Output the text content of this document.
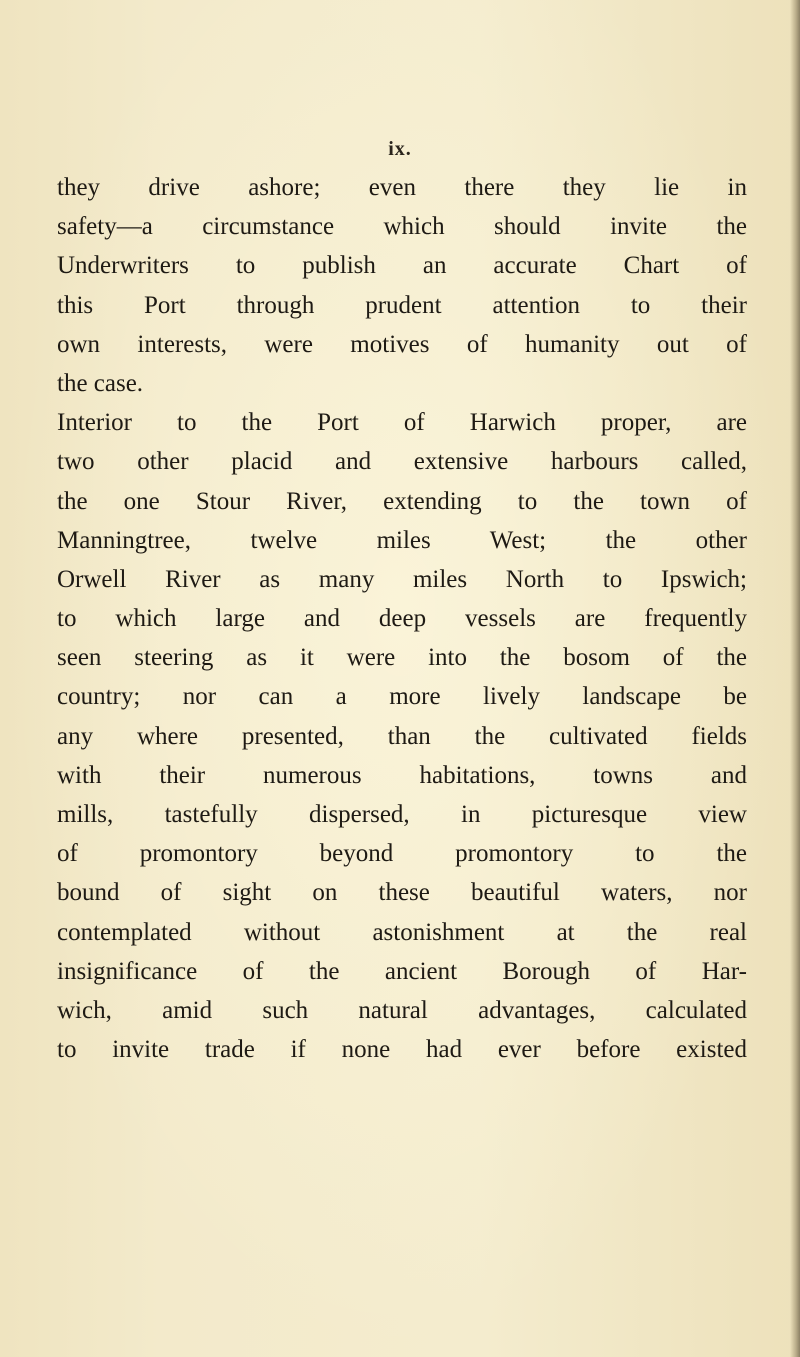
ix.
they drive ashore; even there they lie in
safety—a circumstance which should invite the
Underwriters to publish an accurate Chart of
this Port through prudent attention to their
own interests, were motives of humanity out of
the case.
Interior to the Port of Harwich proper, are
two other placid and extensive harbours called,
the one Stour River, extending to the town of
Manningtree, twelve miles West; the other
Orwell River as many miles North to Ipswich;
to which large and deep vessels are frequently
seen steering as it were into the bosom of the
country; nor can a more lively landscape be
any where presented, than the cultivated fields
with their numerous habitations, towns and
mills, tastefully dispersed, in picturesque view
of promontory beyond promontory to the
bound of sight on these beautiful waters, nor
contemplated without astonishment at the real
insignificance of the ancient Borough of Har-
wich, amid such natural advantages, calculated
to invite trade if none had ever before existed
